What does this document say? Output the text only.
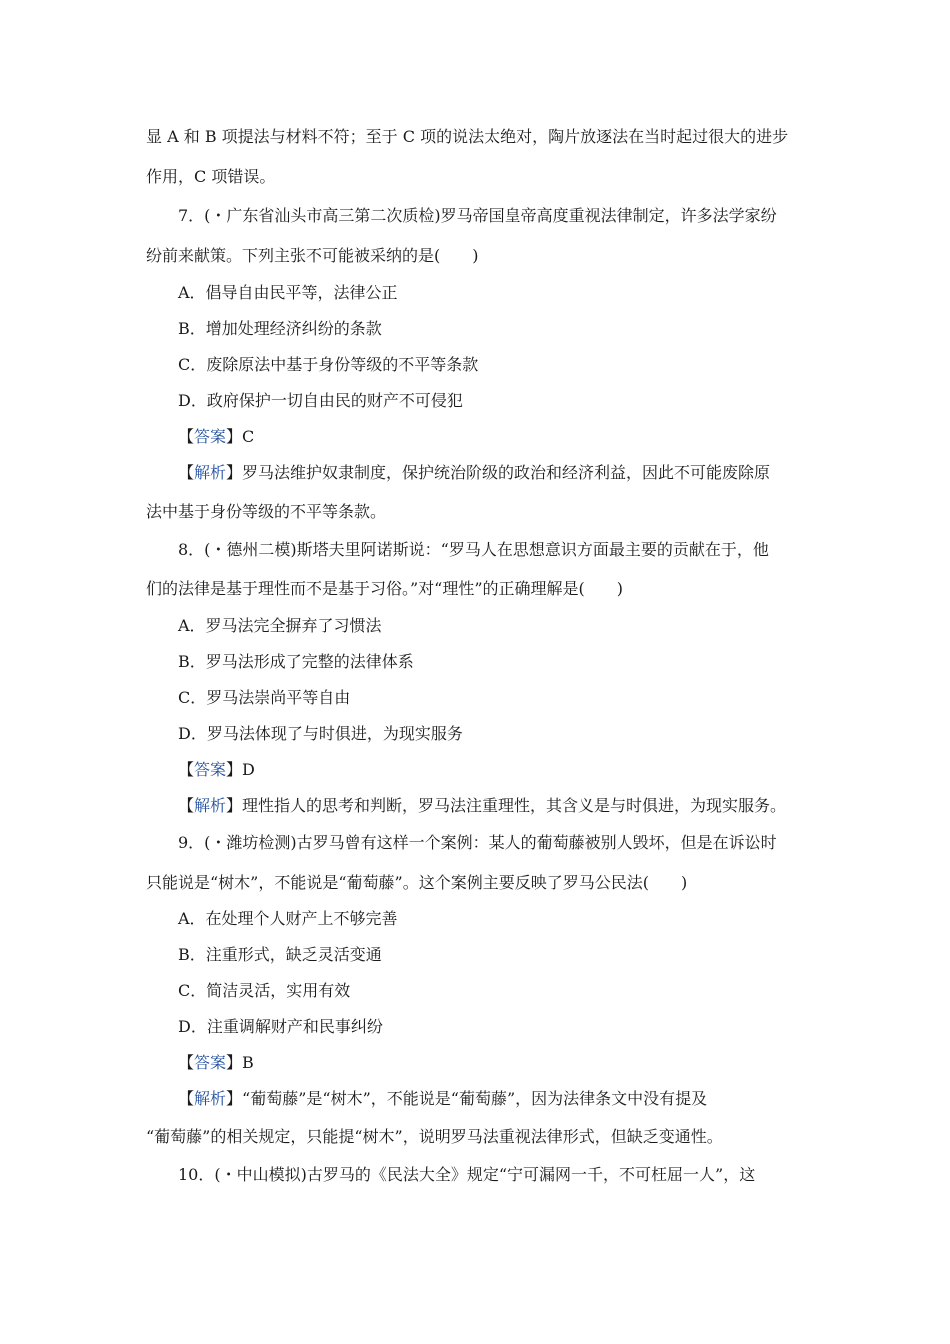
显 A 和 B 项提法与材料不符；至于 C 项的说法太绝对，陶片放逐法在当时起过很大的进步
作用，C 项错误。
7．(・广东省汕头市高三第二次质检)罗马帝国皇帝高度重视法律制定，许多法学家纷
纷前来献策。下列主张不可能被采纳的是(　　)
A．倡导自由民平等，法律公正
B．增加处理经济纠纷的条款
C．废除原法中基于身份等级的不平等条款
D．政府保护一切自由民的财产不可侵犯
【答案】C
【解析】罗马法维护奴隶制度，保护统治阶级的政治和经济利益，因此不可能废除原
法中基于身份等级的不平等条款。
8．(・德州二模)斯塔夫里阿诺斯说：“罗马人在思想意识方面最主要的贡献在于，他
们的法律是基于理性而不是基于习俗。”对“理性”的正确理解是(　　)
A．罗马法完全摒弃了习惯法
B．罗马法形成了完整的法律体系
C．罗马法崇尚平等自由
D．罗马法体现了与时俱进，为现实服务
【答案】D
【解析】理性指人的思考和判断，罗马法注重理性，其含义是与时俱进，为现实服务。
9．(・潍坊检测)古罗马曾有这样一个案例：某人的葡萄藤被别人毁坏，但是在诉讼时
只能说是“树木”，不能说是“葡萄藤”。这个案例主要反映了罗马公民法(　　)
A．在处理个人财产上不够完善
B．注重形式，缺乏灵活变通
C．简洁灵活，实用有效
D．注重调解财产和民事纠纷
【答案】B
【解析】“葡萄藤”是“树木”，不能说是“葡萄藤”，因为法律条文中没有提及
“葡萄藤”的相关规定，只能提“树木”，说明罗马法重视法律形式，但缺乏变通性。
10．(・中山模拟)古罗马的《民法大全》规定“宁可漏网一千，不可枉屈一人”，这
